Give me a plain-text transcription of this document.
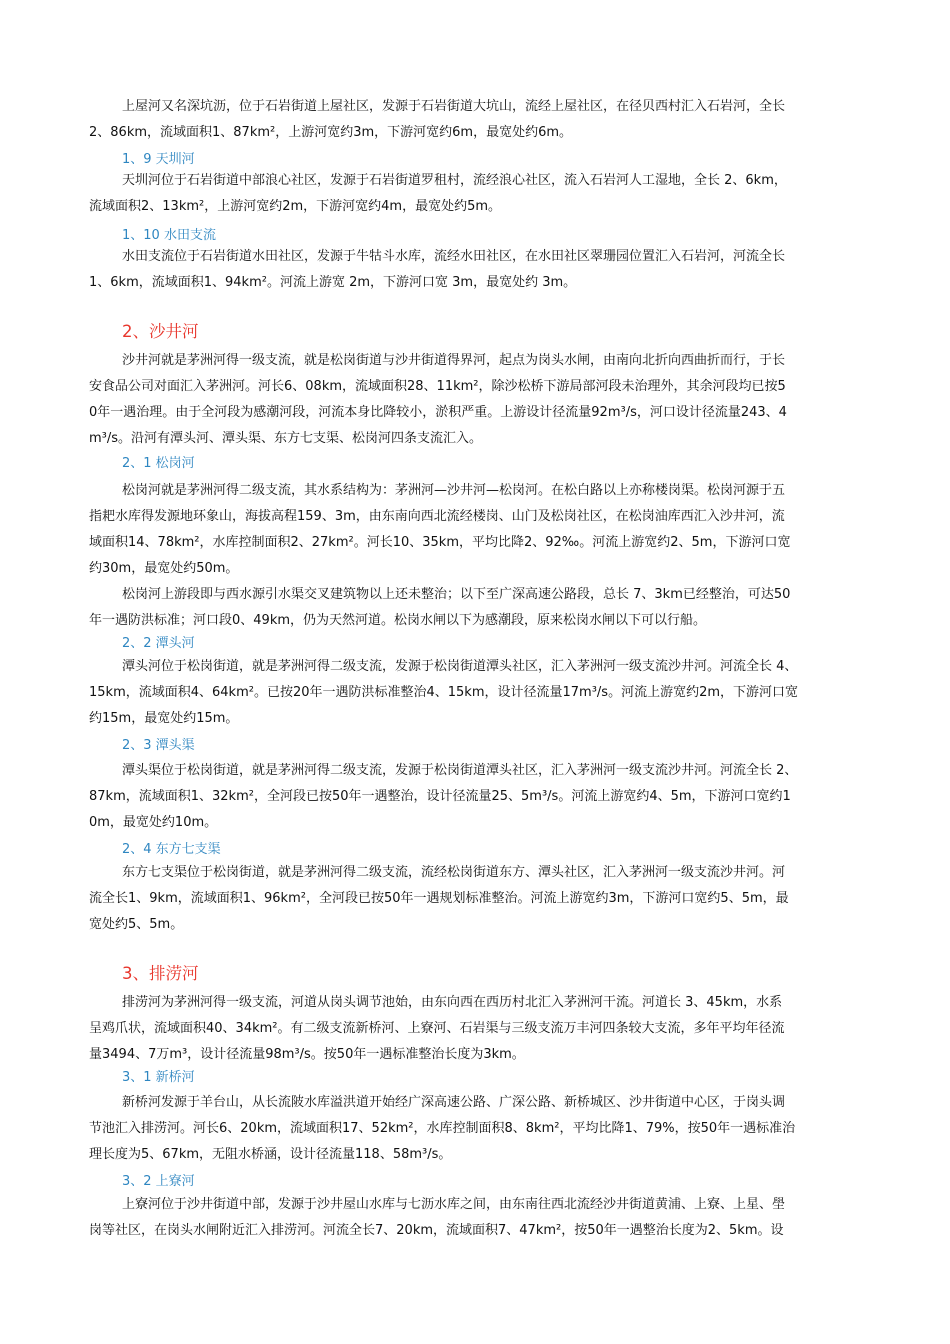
上屋河又名深坑沥，位于石岩街道上屋社区，发源于石岩街道大坑山，流经上屋社区，在径贝西村汇入石岩河，全长
2、86km，流域面积1、87km²，上游河宽约3m，下游河宽约6m，最宽处约6m。
1、9 天圳河
天圳河位于石岩街道中部浪心社区，发源于石岩街道罗租村，流经浪心社区，流入石岩河人工湿地，全长 2、6km，
流域面积2、13km²，上游河宽约2m，下游河宽约4m，最宽处约5m。
1、10 水田支流
水田支流位于石岩街道水田社区，发源于牛牯斗水库，流经水田社区，在水田社区翠珊园位置汇入石岩河，河流全长
1、6km，流域面积1、94km²。河流上游宽 2m，下游河口宽 3m，最宽处约 3m。
2、沙井河
沙井河就是茅洲河得一级支流，就是松岗街道与沙井街道得界河，起点为岗头水闸，由南向北折向西曲折而行，于长
安食品公司对面汇入茅洲河。河长6、08km，流域面积28、11km²，除沙松桥下游局部河段未治理外，其余河段均已按5
0年一遇治理。由于全河段为感潮河段，河流本身比降较小，淤积严重。上游设计径流量92m³/s，河口设计径流量243、4
m³/s。沿河有潭头河、潭头渠、东方七支渠、松岗河四条支流汇入。
2、1 松岗河
松岗河就是茅洲河得二级支流，其水系结构为：茅洲河—沙井河—松岗河。在松白路以上亦称楼岗渠。松岗河源于五
指耙水库得发源地环象山，海拔高程159、3m，由东南向西北流经楼岗、山门及松岗社区，在松岗油库西汇入沙井河，流
域面积14、78km²，水库控制面积2、27km²。河长10、35km，平均比降2、92‰。河流上游宽约2、5m，下游河口宽
约30m，最宽处约50m。
松岗河上游段即与西水源引水渠交叉建筑物以上还未整治；以下至广深高速公路段，总长 7、3km已经整治，可达50
年一遇防洪标准；河口段0、49km，仍为天然河道。松岗水闸以下为感潮段，原来松岗水闸以下可以行船。
2、2 潭头河
潭头河位于松岗街道，就是茅洲河得二级支流，发源于松岗街道潭头社区，汇入茅洲河一级支流沙井河。河流全长 4、
15km，流域面积4、64km²。已按20年一遇防洪标准整治4、15km，设计径流量17m³/s。河流上游宽约2m，下游河口宽
约15m，最宽处约15m。
2、3 潭头渠
潭头渠位于松岗街道，就是茅洲河得二级支流，发源于松岗街道潭头社区，汇入茅洲河一级支流沙井河。河流全长 2、
87km，流域面积1、32km²，全河段已按50年一遇整治，设计径流量25、5m³/s。河流上游宽约4、5m，下游河口宽约1
0m，最宽处约10m。
2、4 东方七支渠
东方七支渠位于松岗街道，就是茅洲河得二级支流，流经松岗街道东方、潭头社区，汇入茅洲河一级支流沙井河。河
流全长1、9km，流域面积1、96km²，全河段已按50年一遇规划标准整治。河流上游宽约3m，下游河口宽约5、5m，最
宽处约5、5m。
3、排涝河
排涝河为茅洲河得一级支流，河道从岗头调节池始，由东向西在西历村北汇入茅洲河干流。河道长 3、45km，水系
呈鸡爪状，流域面积40、34km²。有二级支流新桥河、上寮河、石岩渠与三级支流万丰河四条较大支流，多年平均年径流
量3494、7万m³，设计径流量98m³/s。按50年一遇标准整治长度为3km。
3、1 新桥河
新桥河发源于羊台山，从长流陂水库溢洪道开始经广深高速公路、广深公路、新桥城区、沙井街道中心区，于岗头调
节池汇入排涝河。河长6、20km，流域面积17、52km²，水库控制面积8、8km²，平均比降1、79%，按50年一遇标准治
理长度为5、67km，无阻水桥涵，设计径流量118、58m³/s。
3、2 上寮河
上寮河位于沙井街道中部，发源于沙井屋山水库与七沥水库之间，由东南往西北流经沙井街道黄浦、上寮、上星、壆
岗等社区，在岗头水闸附近汇入排涝河。河流全长7、20km，流域面积7、47km²，按50年一遇整治长度为2、5km。设
